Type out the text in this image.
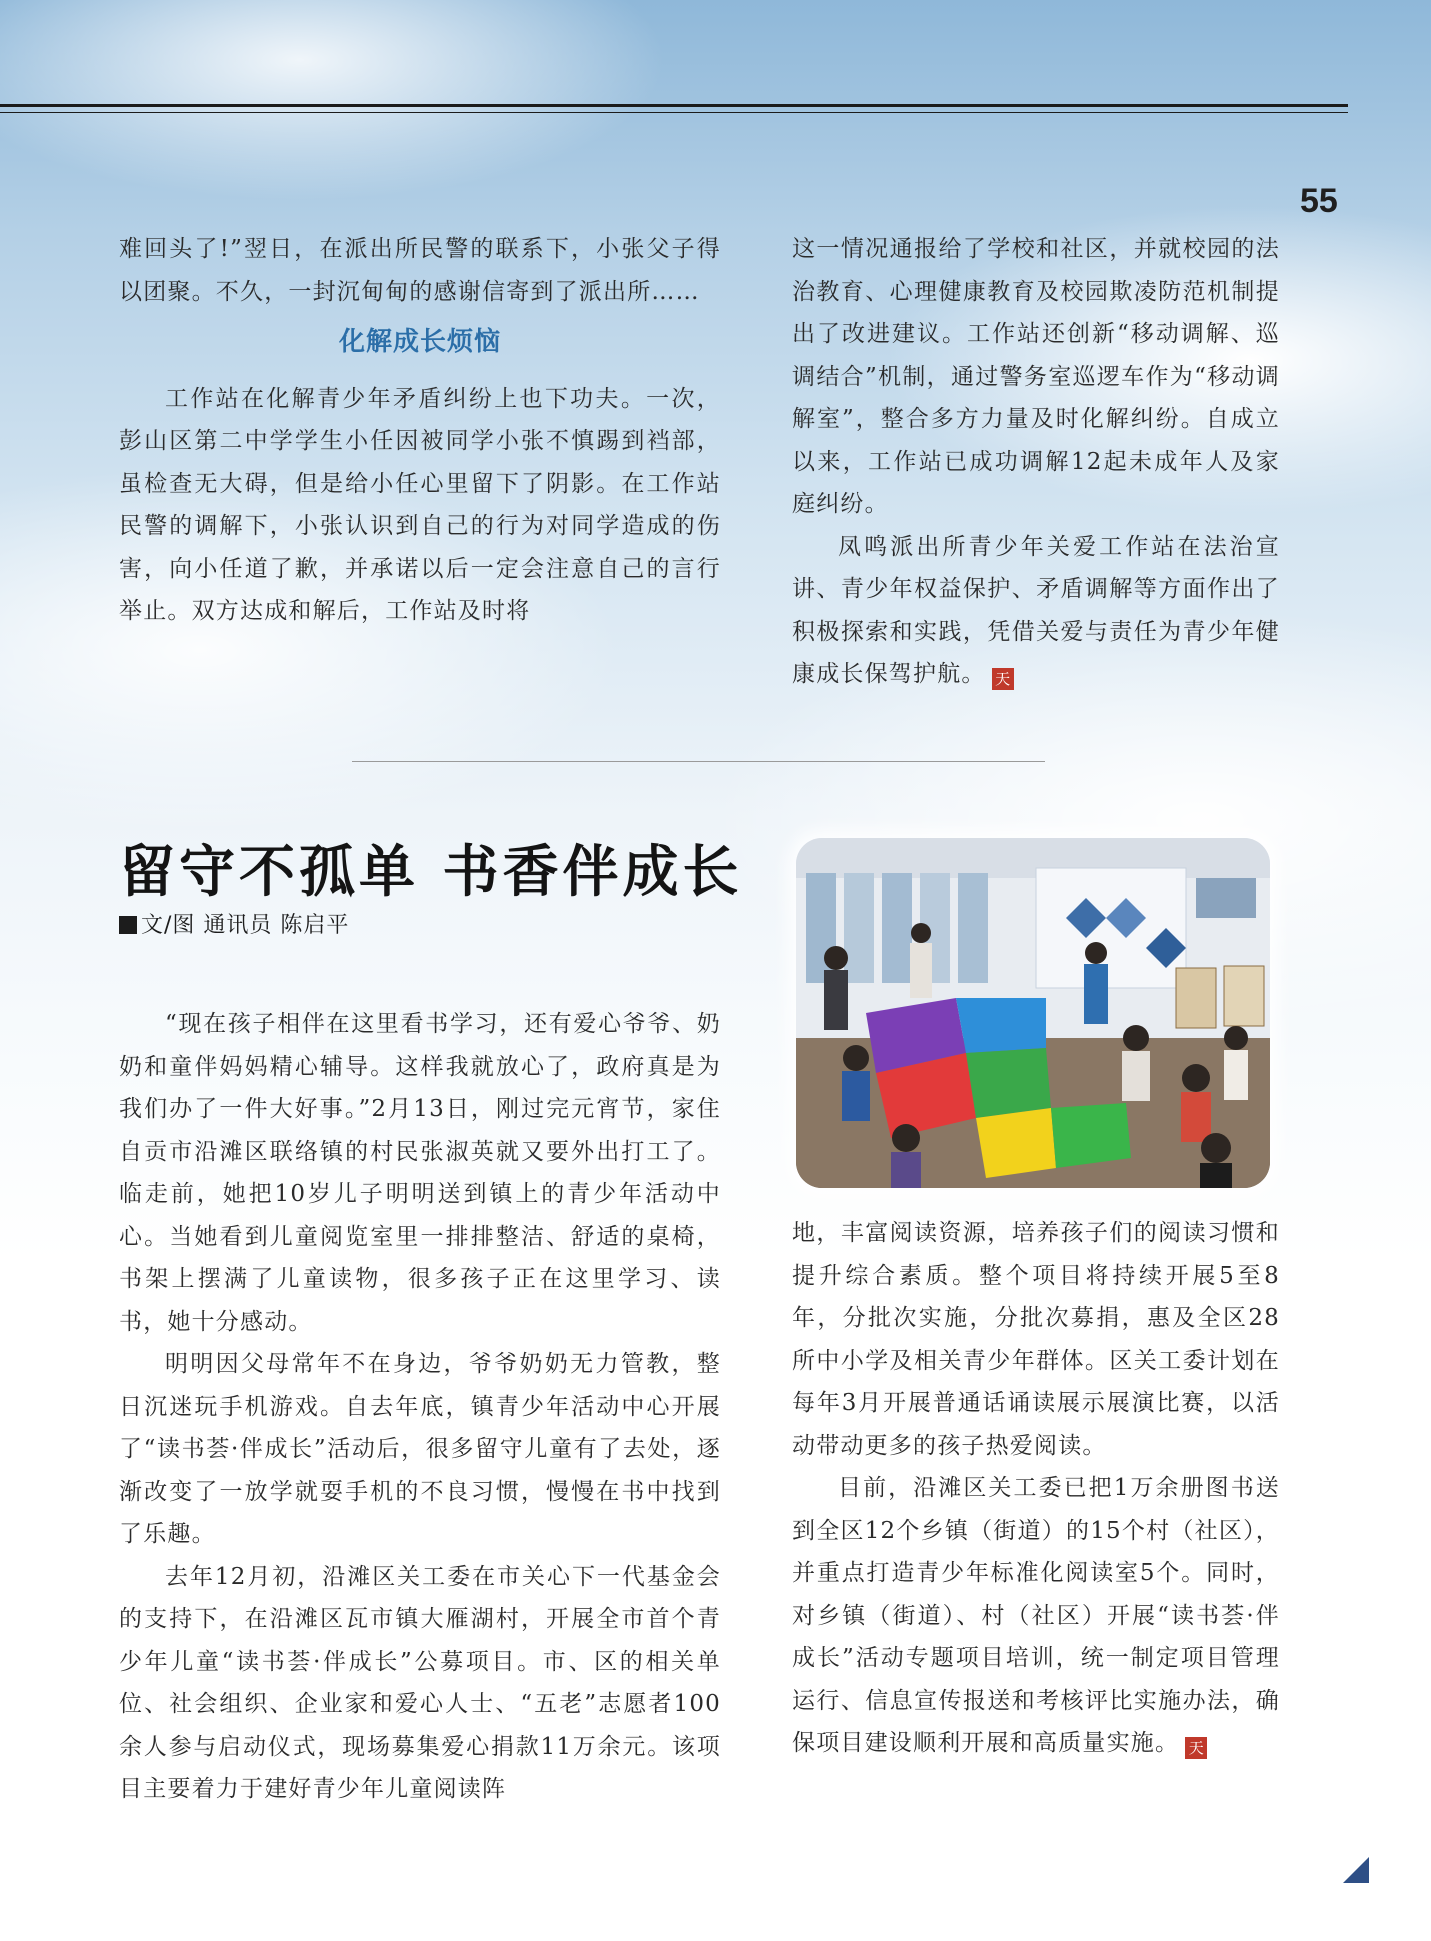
55

难回头了!”翌日，在派出所民警的联系下，小张父子得以团聚。不久，一封沉甸甸的感谢信寄到了派出所……

化解成长烦恼

工作站在化解青少年矛盾纠纷上也下功夫。一次，彭山区第二中学学生小任因被同学小张不慎踢到裆部，虽检查无大碍，但是给小任心里留下了阴影。在工作站民警的调解下，小张认识到自己的行为对同学造成的伤害，向小任道了歉，并承诺以后一定会注意自己的言行举止。双方达成和解后，工作站及时将

这一情况通报给了学校和社区，并就校园的法治教育、心理健康教育及校园欺凌防范机制提出了改进建议。工作站还创新“移动调解、巡调结合”机制，通过警务室巡逻车作为“移动调解室”，整合多方力量及时化解纠纷。自成立以来，工作站已成功调解12起未成年人及家庭纠纷。

凤鸣派出所青少年关爱工作站在法治宣讲、青少年权益保护、矛盾调解等方面作出了积极探索和实践，凭借关爱与责任为青少年健康成长保驾护航。 天

留守不孤单 书香伴成长
文/图 通讯员 陈启平

“现在孩子相伴在这里看书学习，还有爱心爷爷、奶奶和童伴妈妈精心辅导。这样我就放心了，政府真是为我们办了一件大好事。”2月13日，刚过完元宵节，家住自贡市沿滩区联络镇的村民张淑英就又要外出打工了。临走前，她把10岁儿子明明送到镇上的青少年活动中心。当她看到儿童阅览室里一排排整洁、舒适的桌椅，书架上摆满了儿童读物，很多孩子正在这里学习、读书，她十分感动。

明明因父母常年不在身边，爷爷奶奶无力管教，整日沉迷玩手机游戏。自去年底，镇青少年活动中心开展了“读书荟·伴成长”活动后，很多留守儿童有了去处，逐渐改变了一放学就耍手机的不良习惯，慢慢在书中找到了乐趣。

去年12月初，沿滩区关工委在市关心下一代基金会的支持下，在沿滩区瓦市镇大雁湖村，开展全市首个青少年儿童“读书荟·伴成长”公募项目。市、区的相关单位、社会组织、企业家和爱心人士、“五老”志愿者100余人参与启动仪式，现场募集爱心捐款11万余元。该项目主要着力于建好青少年儿童阅读阵

地，丰富阅读资源，培养孩子们的阅读习惯和提升综合素质。整个项目将持续开展5至8年，分批次实施，分批次募捐，惠及全区28所中小学及相关青少年群体。区关工委计划在每年3月开展普通话诵读展示展演比赛，以活动带动更多的孩子热爱阅读。

目前，沿滩区关工委已把1万余册图书送到全区12个乡镇（街道）的15个村（社区），并重点打造青少年标准化阅读室5个。同时，对乡镇（街道）、村（社区）开展“读书荟·伴成长”活动专题项目培训，统一制定项目管理运行、信息宣传报送和考核评比实施办法，确保项目建设顺利开展和高质量实施。 天
